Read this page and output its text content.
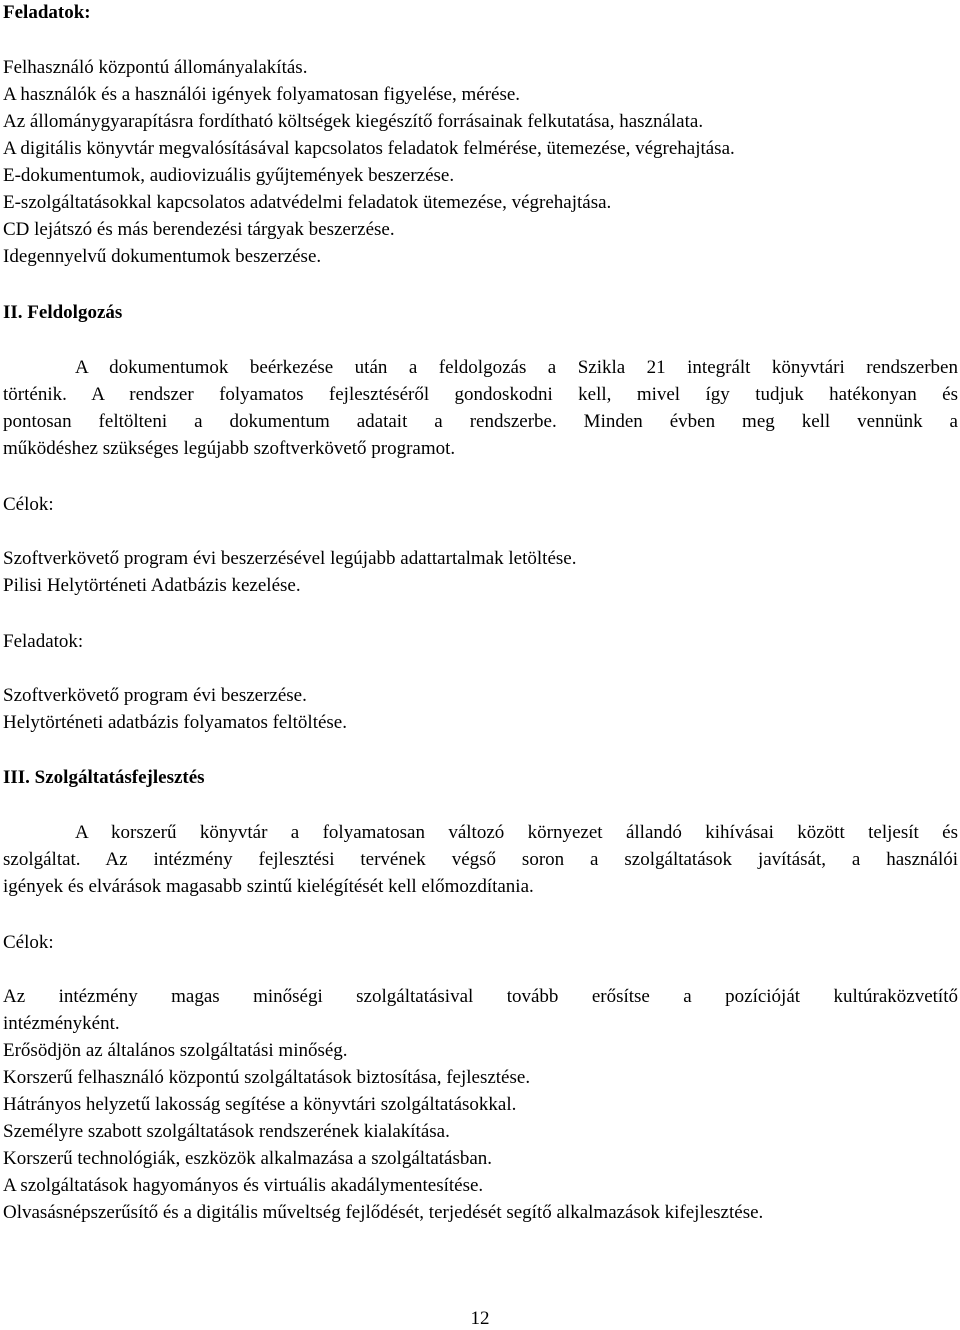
Feladatok:
Felhasználó központú állományalakítás.
A használók és a használói igények folyamatosan figyelése, mérése.
Az állománygyarapításra fordítható költségek kiegészítő forrásainak felkutatása, használata.
A digitális könyvtár megvalósításával kapcsolatos feladatok felmérése, ütemezése, végrehajtása.
E-dokumentumok, audiovizuális gyűjtemények beszerzése.
E-szolgáltatásokkal kapcsolatos adatvédelmi feladatok ütemezése, végrehajtása.
CD lejátszó és más berendezési tárgyak beszerzése.
Idegennyelvű dokumentumok beszerzése.
II. Feldolgozás
A dokumentumok beérkezése után a feldolgozás a Szikla 21 integrált könyvtári rendszerben
történik. A rendszer folyamatos fejlesztéséről gondoskodni kell, mivel így tudjuk hatékonyan és
pontosan feltölteni a dokumentum adatait a rendszerbe. Minden évben meg kell vennünk a
működéshez szükséges legújabb szoftverkövető programot.
Célok:
Szoftverkövető program évi beszerzésével legújabb adattartalmak letöltése.
Pilisi Helytörténeti Adatbázis kezelése.
Feladatok:
Szoftverkövető program évi beszerzése.
Helytörténeti adatbázis folyamatos feltöltése.
III. Szolgáltatásfejlesztés
A korszerű könyvtár a folyamatosan változó környezet állandó kihívásai között teljesít és
szolgáltat. Az intézmény fejlesztési tervének végső soron a szolgáltatások javítását, a használói
igények és elvárások magasabb szintű kielégítését kell előmozdítania.
Célok:
Az intézmény magas minőségi szolgáltatásival tovább erősítse a pozícióját kultúraközvetítő
intézményként.
Erősödjön az általános szolgáltatási minőség.
Korszerű felhasználó központú szolgáltatások biztosítása, fejlesztése.
Hátrányos helyzetű lakosság segítése a könyvtári szolgáltatásokkal.
Személyre szabott szolgáltatások rendszerének kialakítása.
Korszerű technológiák, eszközök alkalmazása a szolgáltatásban.
A szolgáltatások hagyományos és virtuális akadálymentesítése.
Olvasásnépszerűsítő és a digitális műveltség fejlődését, terjedését segítő alkalmazások kifejlesztése.
12
